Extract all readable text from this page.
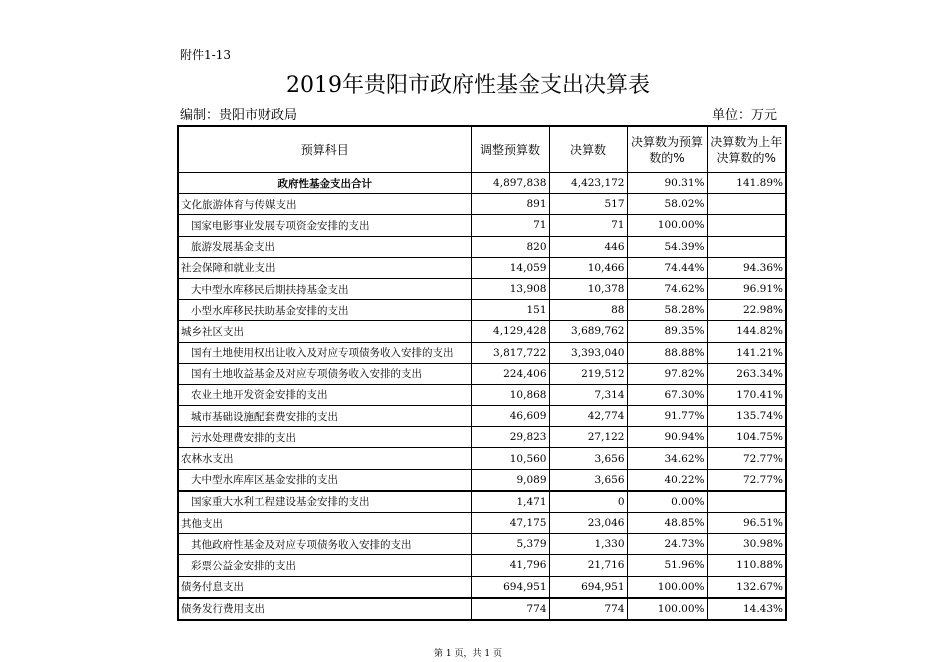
附件1-13
2019年贵阳市政府性基金支出决算表
编制：贵阳市财政局	单位：万元
预算科目	调整预算数	决算数	决算数为预算数的%	决算数为上年决算数的%
政府性基金支出合计	4,897,838	4,423,172	90.31%	141.89%
文化旅游体育与传媒支出	891	517	58.02%	
国家电影事业发展专项资金安排的支出	71	71	100.00%	
旅游发展基金支出	820	446	54.39%	
社会保障和就业支出	14,059	10,466	74.44%	94.36%
大中型水库移民后期扶持基金支出	13,908	10,378	74.62%	96.91%
小型水库移民扶助基金安排的支出	151	88	58.28%	22.98%
城乡社区支出	4,129,428	3,689,762	89.35%	144.82%
国有土地使用权出让收入及对应专项债务收入安排的支出	3,817,722	3,393,040	88.88%	141.21%
国有土地收益基金及对应专项债务收入安排的支出	224,406	219,512	97.82%	263.34%
农业土地开发资金安排的支出	10,868	7,314	67.30%	170.41%
城市基础设施配套费安排的支出	46,609	42,774	91.77%	135.74%
污水处理费安排的支出	29,823	27,122	90.94%	104.75%
农林水支出	10,560	3,656	34.62%	72.77%
大中型水库库区基金安排的支出	9,089	3,656	40.22%	72.77%
国家重大水利工程建设基金安排的支出	1,471	0	0.00%	
其他支出	47,175	23,046	48.85%	96.51%
其他政府性基金及对应专项债务收入安排的支出	5,379	1,330	24.73%	30.98%
彩票公益金安排的支出	41,796	21,716	51.96%	110.88%
债务付息支出	694,951	694,951	100.00%	132.67%
债务发行费用支出	774	774	100.00%	14.43%
第 1 页，共 1 页
